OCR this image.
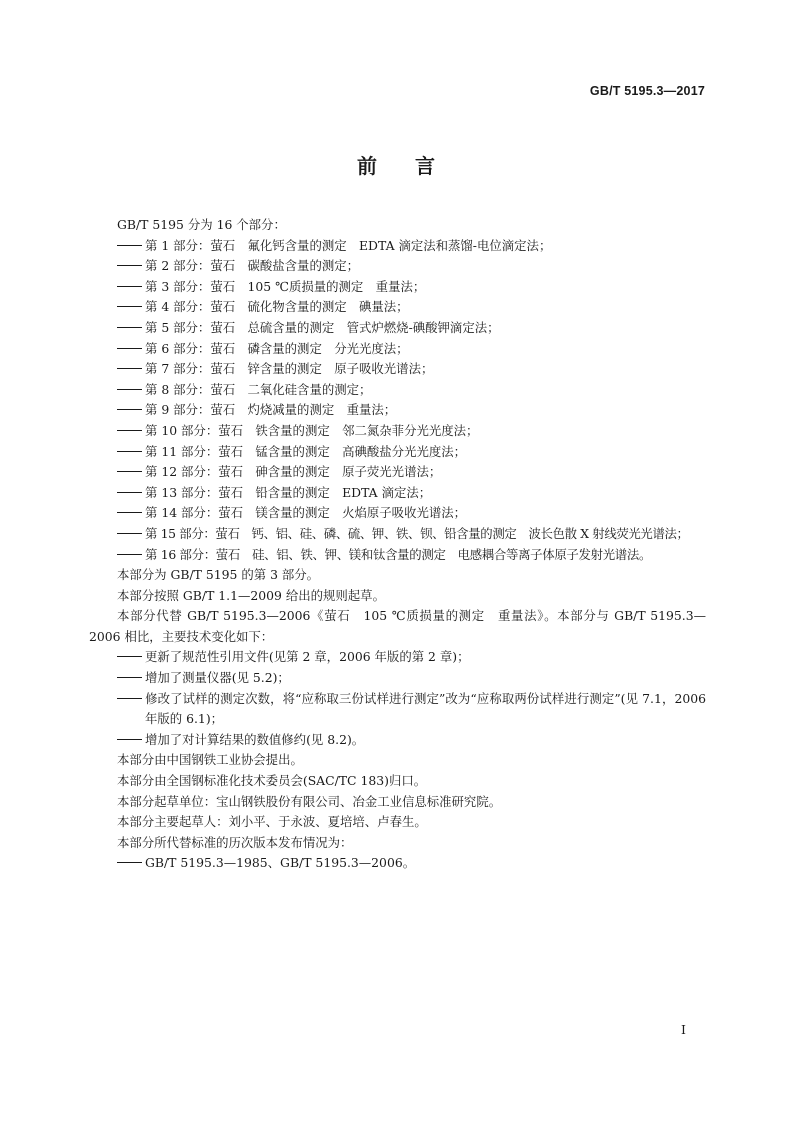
GB/T 5195.3—2017
前 言

GB/T 5195 分为 16 个部分：

第 1 部分：萤石　氟化钙含量的测定　EDTA 滴定法和蒸馏-电位滴定法；

第 2 部分：萤石　碳酸盐含量的测定；

第 3 部分：萤石　105 ℃质损量的测定　重量法；

第 4 部分：萤石　硫化物含量的测定　碘量法；

第 5 部分：萤石　总硫含量的测定　管式炉燃烧-碘酸钾滴定法；

第 6 部分：萤石　磷含量的测定　分光光度法；

第 7 部分：萤石　锌含量的测定　原子吸收光谱法；

第 8 部分：萤石　二氧化硅含量的测定；

第 9 部分：萤石　灼烧减量的测定　重量法；

第 10 部分：萤石　铁含量的测定　邻二氮杂菲分光光度法；

第 11 部分：萤石　锰含量的测定　高碘酸盐分光光度法；

第 12 部分：萤石　砷含量的测定　原子荧光光谱法；

第 13 部分：萤石　铅含量的测定　EDTA 滴定法；

第 14 部分：萤石　镁含量的测定　火焰原子吸收光谱法；

第 15 部分：萤石　钙、铝、硅、磷、硫、钾、铁、钡、铅含量的测定　波长色散 X 射线荧光光谱法；

第 16 部分：萤石　硅、铝、铁、钾、镁和钛含量的测定　电感耦合等离子体原子发射光谱法。

本部分为 GB/T 5195 的第 3 部分。

本部分按照 GB/T 1.1—2009 给出的规则起草。

本部分代替 GB/T 5195.3—2006《萤石　105 ℃质损量的测定　重量法》。本部分与 GB/T 5195.3—2006 相比，主要技术变化如下：

更新了规范性引用文件(见第 2 章，2006 年版的第 2 章)；

增加了测量仪器(见 5.2)；

修改了试样的测定次数，将“应称取三份试样进行测定”改为“应称取两份试样进行测定”(见 7.1，2006 年版的 6.1)；

增加了对计算结果的数值修约(见 8.2)。

本部分由中国钢铁工业协会提出。

本部分由全国钢标准化技术委员会(SAC/TC 183)归口。

本部分起草单位：宝山钢铁股份有限公司、冶金工业信息标准研究院。

本部分主要起草人：刘小平、于永波、夏培培、卢春生。

本部分所代替标准的历次版本发布情况为：

GB/T 5195.3—1985、GB/T 5195.3—2006。

I
